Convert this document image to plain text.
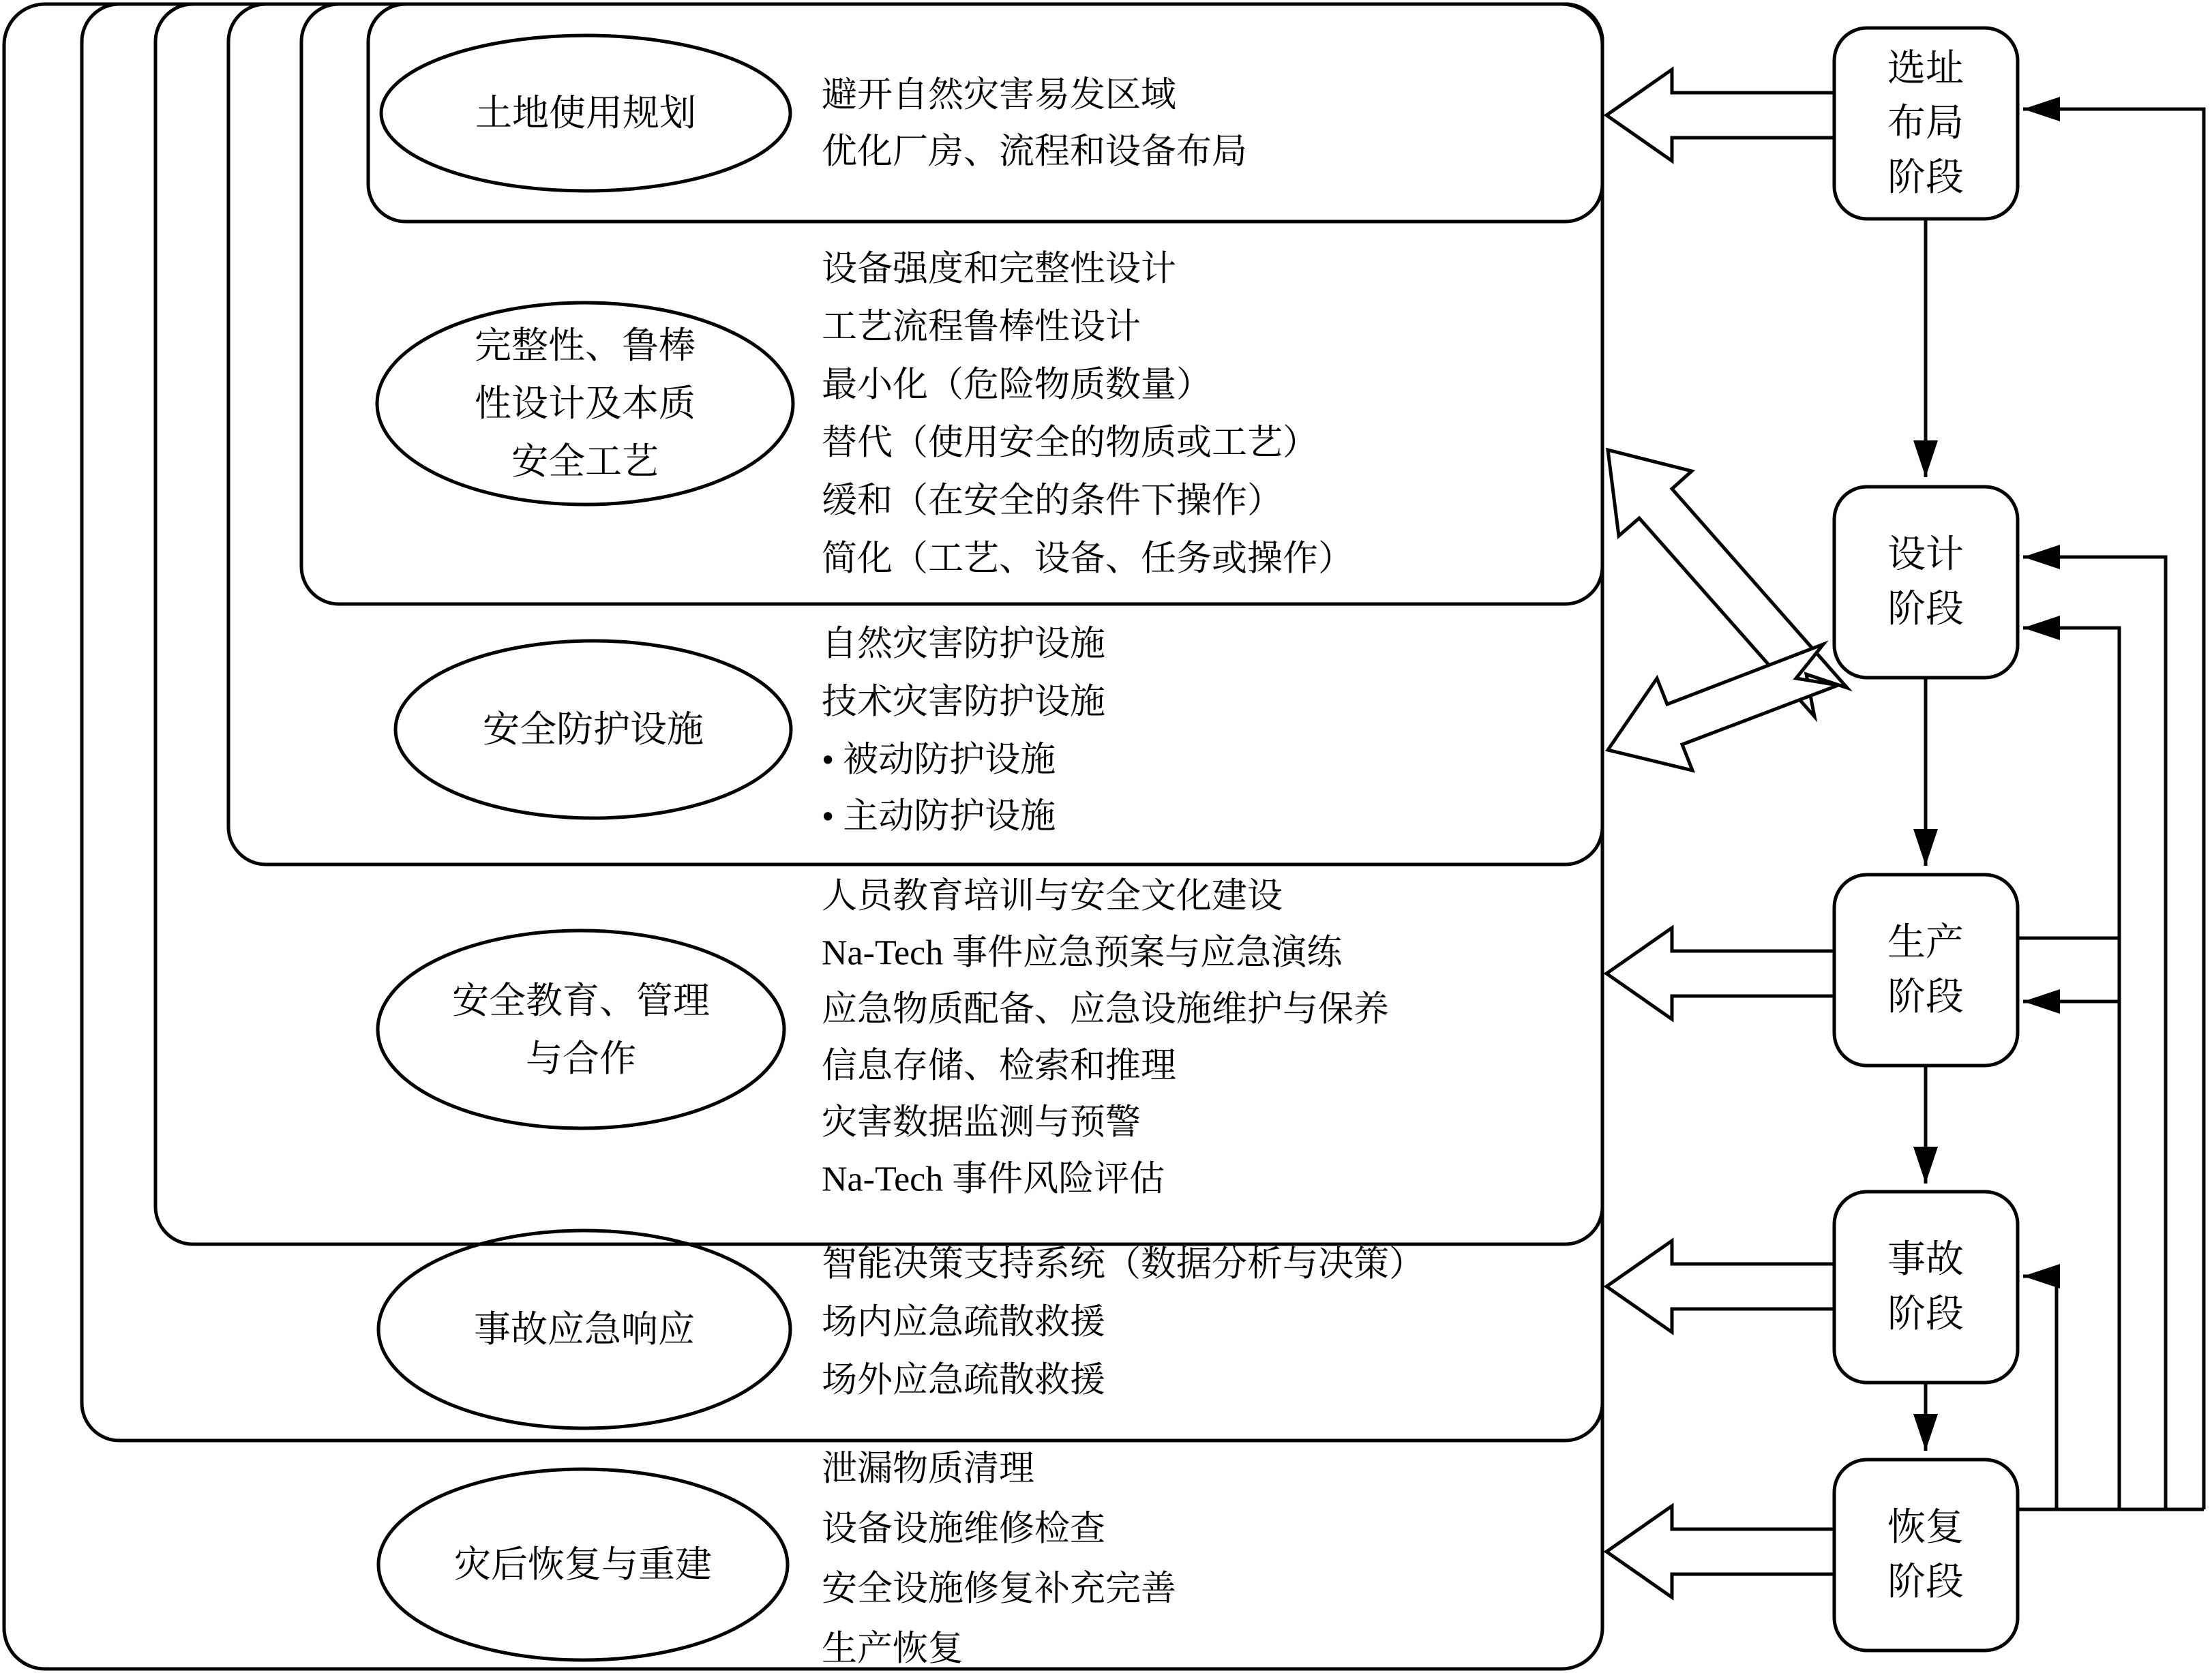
土地使用规划	避开自然灾害易发区域
优化厂房、流程和设备布局
完整性、鲁棒
性设计及本质
安全工艺
设备强度和完整性设计
工艺流程鲁棒性设计
最小化（危险物质数量）
替代（使用安全的物质或工艺）
缓和（在安全的条件下操作）
简化（工艺、设备、任务或操作）
安全防护设施
自然灾害防护设施
技术灾害防护设施
• 被动防护设施
• 主动防护设施
安全教育、管理
与合作
人员教育培训与安全文化建设
Na-Tech 事件应急预案与应急演练
应急物质配备、应急设施维护与保养
信息存储、检索和推理
灾害数据监测与预警
Na-Tech 事件风险评估
事故应急响应
智能决策支持系统（数据分析与决策）
场内应急疏散救援
场外应急疏散救援
灾后恢复与重建
泄漏物质清理
设备设施维修检查
安全设施修复补充完善
生产恢复
选址
布局
阶段
设计
阶段
生产
阶段
事故
阶段
恢复
阶段
